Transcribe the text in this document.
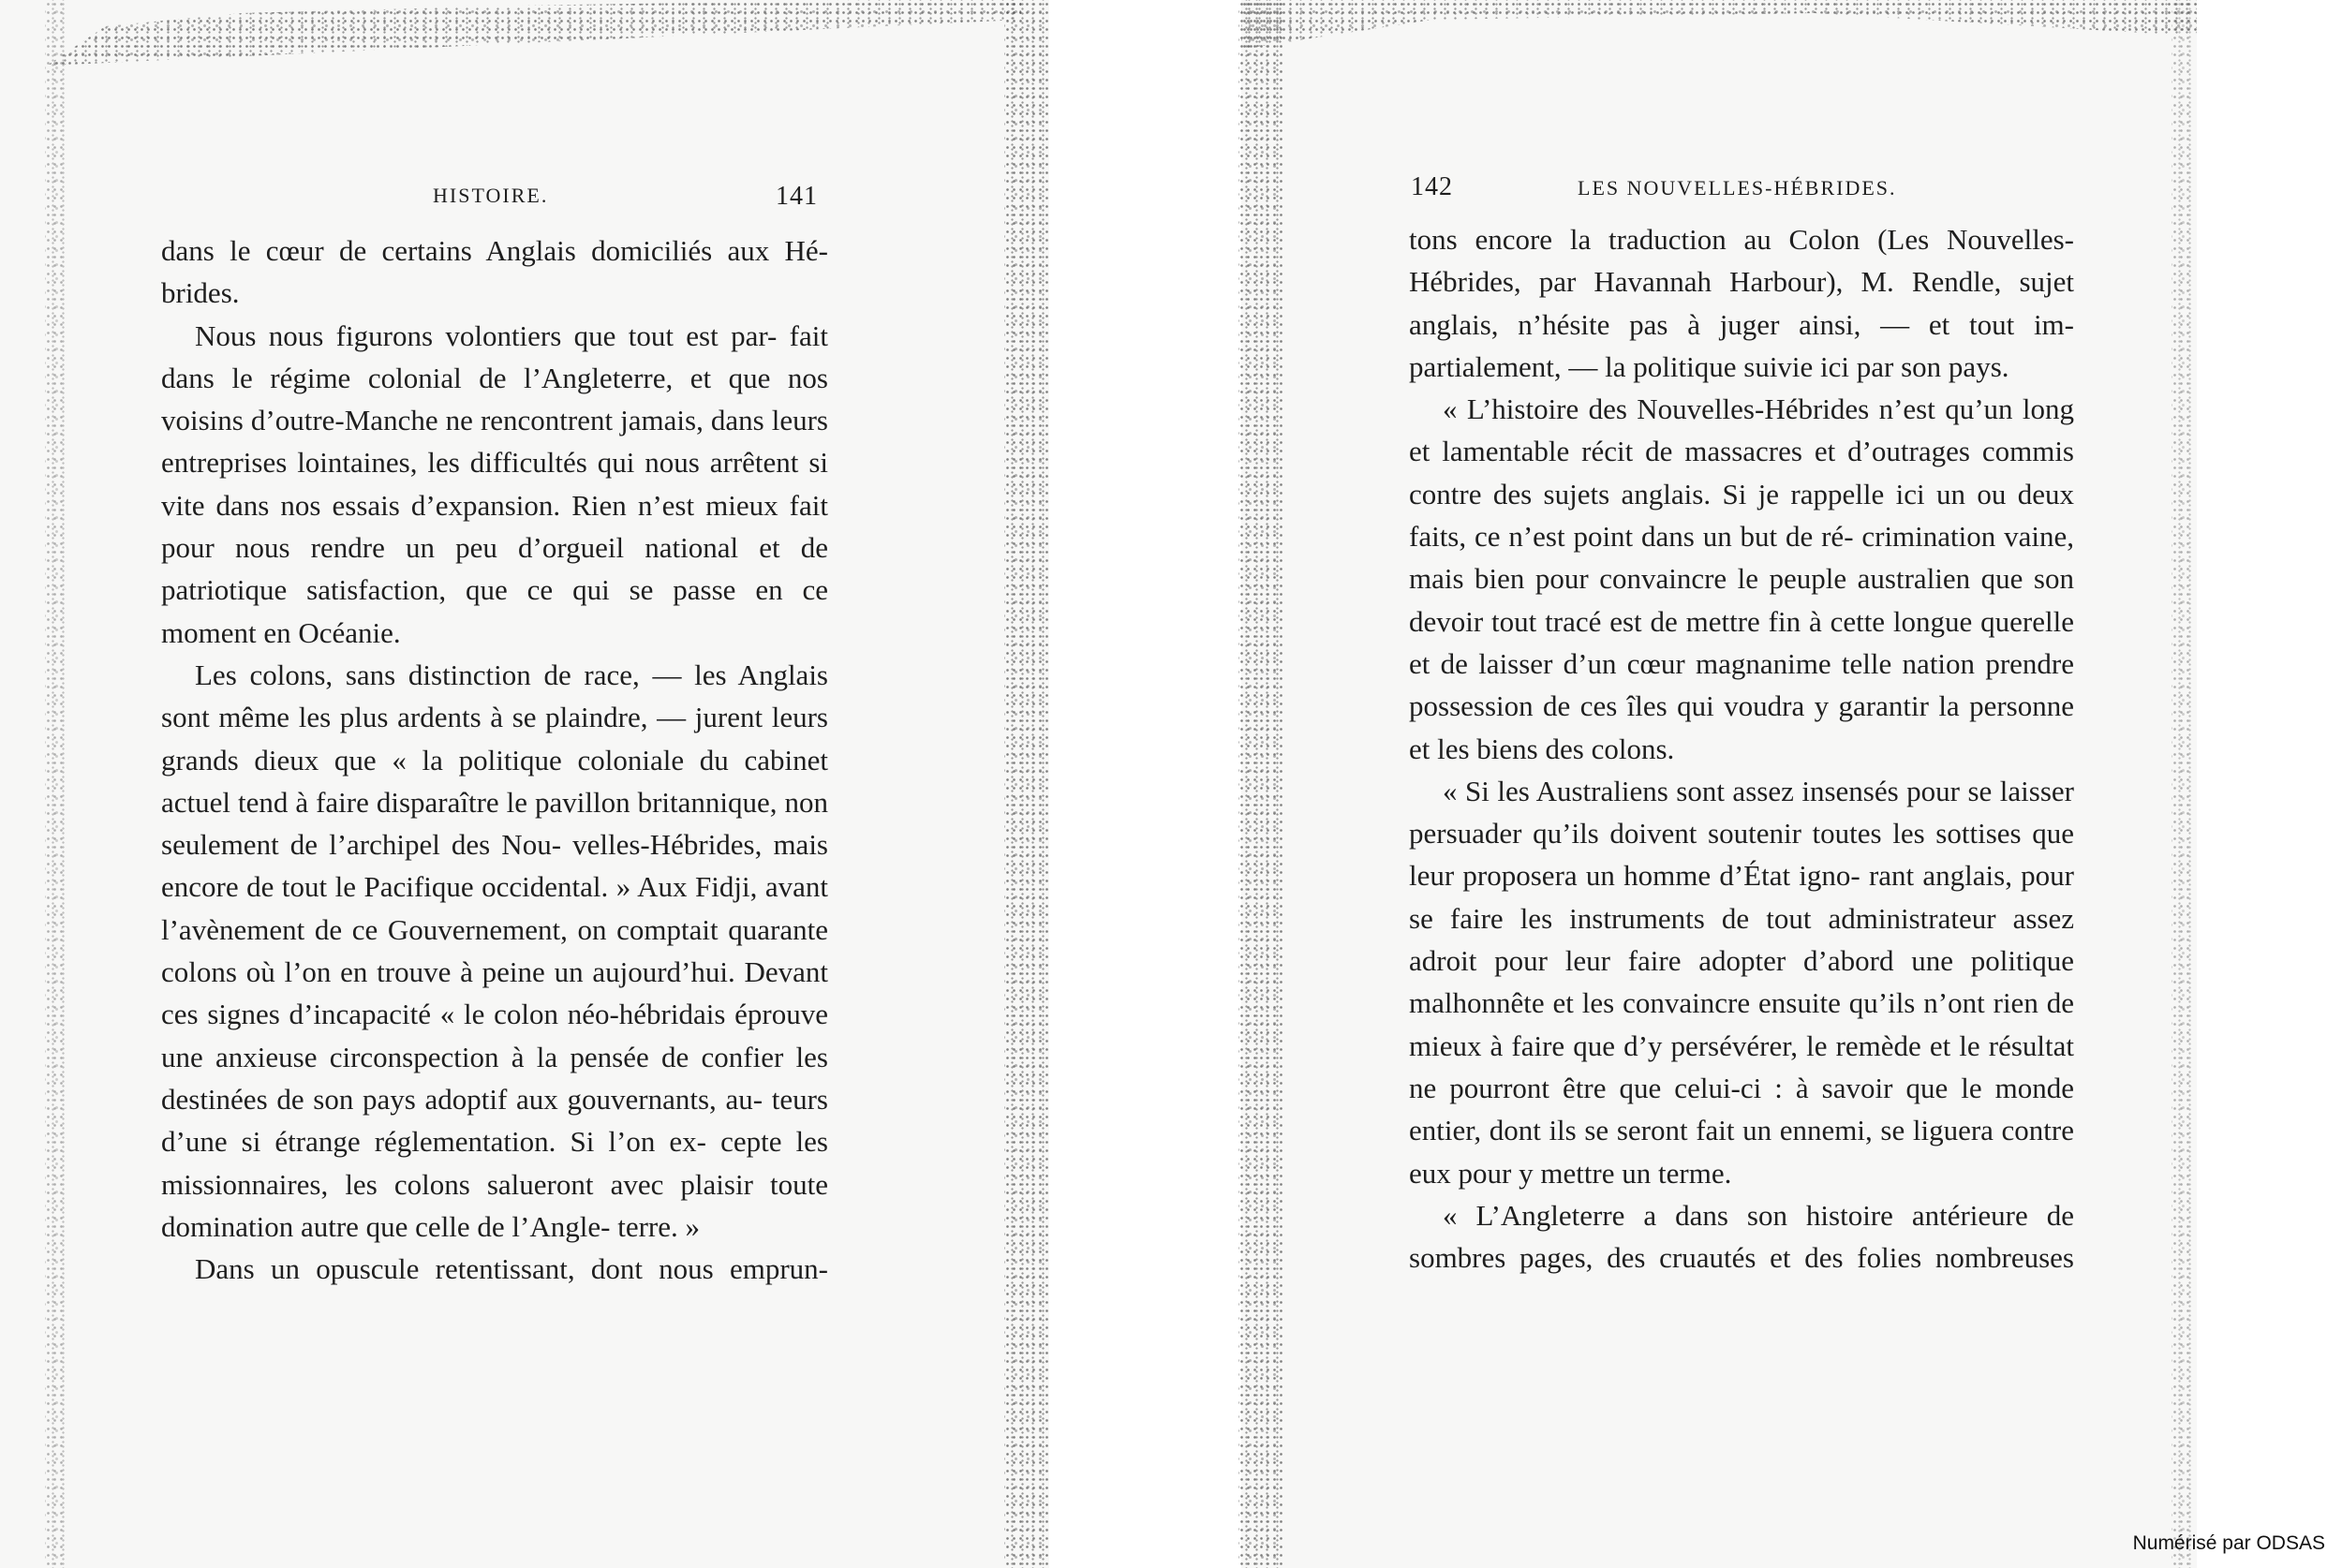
HISTOIRE.	141

dans le cœur de certains Anglais domiciliés aux Hé- brides.

Nous nous figurons volontiers que tout est par- fait dans le régime colonial de l’Angleterre, et que nos voisins d’outre-Manche ne rencontrent jamais, dans leurs entreprises lointaines, les difficultés qui nous arrêtent si vite dans nos essais d’expansion. Rien n’est mieux fait pour nous rendre un peu d’orgueil national et de patriotique satisfaction, que ce qui se passe en ce moment en Océanie.

Les colons, sans distinction de race, — les Anglais sont même les plus ardents à se plaindre, — jurent leurs grands dieux que « la politique coloniale du cabinet actuel tend à faire disparaître le pavillon britannique, non seulement de l’archipel des Nou- velles-Hébrides, mais encore de tout le Pacifique occidental. » Aux Fidji, avant l’avènement de ce Gouvernement, on comptait quarante colons où l’on en trouve à peine un aujourd’hui. Devant ces signes d’incapacité « le colon néo-hébridais éprouve une anxieuse circonspection à la pensée de confier les destinées de son pays adoptif aux gouvernants, au- teurs d’une si étrange réglementation. Si l’on ex- cepte les missionnaires, les colons salueront avec plaisir toute domination autre que celle de l’Angle- terre. »

Dans un opuscule retentissant, dont nous emprun-

142	LES NOUVELLES-HÉBRIDES.

tons encore la traduction au Colon (Les Nouvelles- Hébrides, par Havannah Harbour), M. Rendle, sujet anglais, n’hésite pas à juger ainsi, — et tout im- partialement, — la politique suivie ici par son pays.

« L’histoire des Nouvelles-Hébrides n’est qu’un long et lamentable récit de massacres et d’outrages commis contre des sujets anglais. Si je rappelle ici un ou deux faits, ce n’est point dans un but de ré- crimination vaine, mais bien pour convaincre le peuple australien que son devoir tout tracé est de mettre fin à cette longue querelle et de laisser d’un cœur magnanime telle nation prendre possession de ces îles qui voudra y garantir la personne et les biens des colons.

« Si les Australiens sont assez insensés pour se laisser persuader qu’ils doivent soutenir toutes les sottises que leur proposera un homme d’État igno- rant anglais, pour se faire les instruments de tout administrateur assez adroit pour leur faire adopter d’abord une politique malhonnête et les convaincre ensuite qu’ils n’ont rien de mieux à faire que d’y persévérer, le remède et le résultat ne pourront être que celui-ci : à savoir que le monde entier, dont ils se seront fait un ennemi, se liguera contre eux pour y mettre un terme.

« L’Angleterre a dans son histoire antérieure de sombres pages, des cruautés et des folies nombreuses

Numérisé par ODSAS
